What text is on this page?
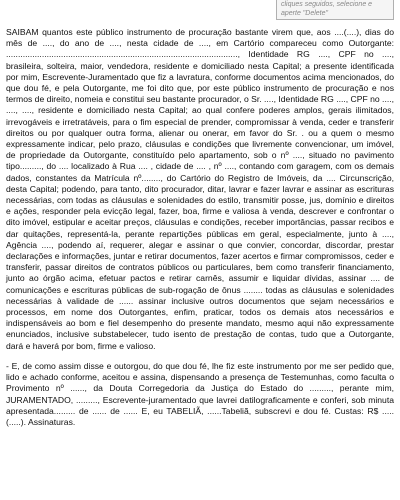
cliques seguidos, selecione e
aperte "Delete"

SAIBAM quantos este público instrumento de procuração bastante virem que, aos ....(....), dias do mês de ...., do ano de ...., nesta cidade de ...., em Cartório compareceu como Outorgante: ................................................................................................., Identidade RG ...., CPF no ...., brasileira, solteira, maior, vendedora, residente e domiciliado nesta Capital; a presente identificada por mim, Escrevente-Juramentado que fiz a lavratura, conforme documentos acima mencionados, do que dou fé, e pela Outorgante, me foi dito que, por este público instrumento de procuração e nos termos de direito, nomeia e constitui seu bastante procurador, o Sr. ...., Identidade RG ...., CPF no ...., ...., ...., residente e domiciliado nesta Capital; ao qual confere poderes amplos, gerais ilimitados, irrevogáveis e irretratáveis, para o fim especial de prender, compromissar à venda, ceder e transferir direitos ou por qualquer outra forma, alienar ou onerar, em favor do Sr. . ou a quem o mesmo expressamente indicar, pelo prazo, cláusulas e condições que livremente convencionar, um imóvel, de propriedade da Outorgante, constituído pelo apartamento, sob o nº ...., situado no pavimento tipo........., do .... localizado à Rua .... , cidade de .... , nº ...., contando com garagem, com os demais dados, constantes da Matrícula nº........, do Cartório do Registro de Imóveis, da .... Circunscrição, desta Capital; podendo, para tanto, dito procurador, ditar, lavrar e fazer lavrar e assinar as escrituras necessárias, com todas as cláusulas e solenidades do estilo, transmitir posse, jus, domínio e direitos e ações, responder pela evicção legal, fazer, boa, firme e valiosa à venda, descrever e confrontar o dito imóvel, estipular e aceitar preços, cláusulas e condições, receber importâncias, passar recibos e dar quitações, representá-la, perante repartições públicas em geral, especialmente, junto à ...., Agência ...., podendo aí, requerer, alegar e assinar o que convier, concordar, discordar, prestar declarações e informações, juntar e retirar documentos, fazer acertos e firmar compromissos, ceder e transferir, passar direitos de contratos públicos ou particulares, bem como transferir financiamento, junto ao órgão acima, efetuar pactos e retirar carnês, assumir e liquidar dívidas, assinar .... de comunicações e escrituras públicas de sub-rogação de ônus ........ todas as cláusulas e solenidades necessárias à validade de ...... assinar inclusive outros documentos que sejam necessários e processos, em nome dos Outorgantes, enfim, praticar, todos os demais atos necessários e indispensáveis ao bom e fiel desempenho do presente mandato, mesmo aqui não expressamente enunciados, inclusive substabelecer, tudo isento de prestação de contas, tudo que a Outorgante, dará e haverá por bom, firme e valioso.

- E, de como assim disse e outorgou, do que dou fé, lhe fiz este instrumento por me ser pedido que, lido e achado conforme, aceitou e assina, dispensando a presença de Testemunhas, como faculta o Provimento nº ......, da Douta Corregedoria da Justiça do Estado do ........., perante mim, JURAMENTADO, ........., Escrevente-juramentado que lavrei datilograficamente e conferi, sob minuta apresentada......... de ...... de ...... E, eu TABELIÃ, ......Tabeliã, subscrevi e dou fé. Custas: R$ ..... (.....). Assinaturas.
